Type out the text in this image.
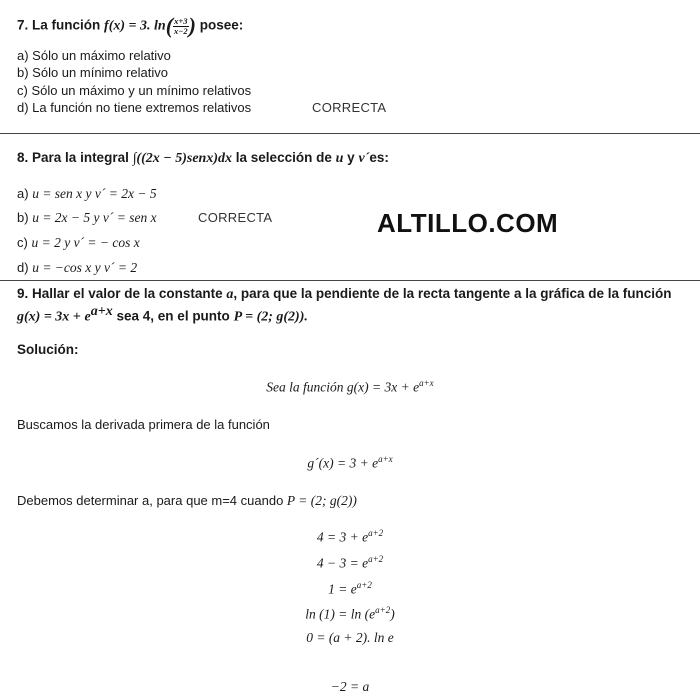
7. La función f(x) = 3. $\ln( \frac{x+3}{x-2}$ ) posee:
a) Sólo un máximo relativo
b) Sólo un mínimo relativo
c) Sólo un máximo y un mínimo relativos
d) La función no tiene extremos relativos	CORRECTA
8. Para la integral ∫((2x − 5)senx)dx la selección de u y v´es:
a) u = sen x y v´ = 2x − 5
b) u = 2x − 5 y v´ = sen x	CORRECTA
c) u = 2 y v´ = − cos x
d) u = −cos x y v´ = 2
ALTILLO.COM
9. Hallar el valor de la constante a, para que la pendiente de la recta tangente a la gráfica de la función
$g(x) = 3x + e^{a+x}$ sea 4, en el punto P = (2; g(2)).
Solución:
Sea la función $g(x) = 3x + e^{a+x}$
Buscamos la derivada primera de la función
g´(x) = $3 + e^{a+x}$
Debemos determinar a, para que m=4 cuando P = (2; g(2))
$4 = 3 + e^{a+2}$
$4 - 3 = e^{a+2}$
$1 = e^{a+2}$
$\ln (1) = \ln (e^{a+2})$
0 = (a + 2). ln e
−2 = a
